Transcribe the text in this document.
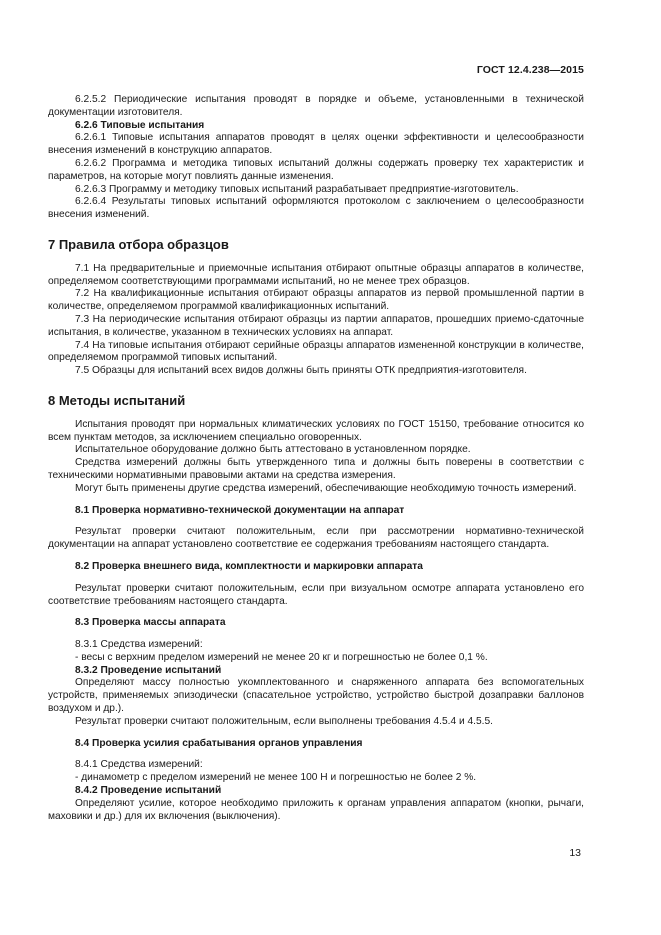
ГОСТ 12.4.238—2015

6.2.5.2 Периодические испытания проводят в порядке и объеме, установленными в технической документации изготовителя.

6.2.6 Типовые испытания

6.2.6.1 Типовые испытания аппаратов проводят в целях оценки эффективности и целесообразности внесения изменений в конструкцию аппаратов.

6.2.6.2 Программа и методика типовых испытаний должны содержать проверку тех характеристик и параметров, на которые могут повлиять данные изменения.

6.2.6.3 Программу и методику типовых испытаний разрабатывает предприятие-изготовитель.

6.2.6.4 Результаты типовых испытаний оформляются протоколом с заключением о целесообразности внесения изменений.

7 Правила отбора образцов

7.1 На предварительные и приемочные испытания отбирают опытные образцы аппаратов в количестве, определяемом соответствующими программами испытаний, но не менее трех образцов.

7.2 На квалификационные испытания отбирают образцы аппаратов из первой промышленной партии в количестве, определяемом программой квалификационных испытаний.

7.3 На периодические испытания отбирают образцы из партии аппаратов, прошедших приемо-сдаточные испытания, в количестве, указанном в технических условиях на аппарат.

7.4 На типовые испытания отбирают серийные образцы аппаратов измененной конструкции в количестве, определяемом программой типовых испытаний.

7.5 Образцы для испытаний всех видов должны быть приняты ОТК предприятия-изготовителя.

8 Методы испытаний

Испытания проводят при нормальных климатических условиях по ГОСТ 15150, требование относится ко всем пунктам методов, за исключением специально оговоренных.

Испытательное оборудование должно быть аттестовано в установленном порядке.

Средства измерений должны быть утвержденного типа и должны быть поверены в соответствии с техническими нормативными правовыми актами на средства измерения.

Могут быть применены другие средства измерений, обеспечивающие необходимую точность измерений.

8.1 Проверка нормативно-технической документации на аппарат

Результат проверки считают положительным, если при рассмотрении нормативно-технической документации на аппарат установлено соответствие ее содержания требованиям настоящего стандарта.

8.2 Проверка внешнего вида, комплектности и маркировки аппарата

Результат проверки считают положительным, если при визуальном осмотре аппарата установлено его соответствие требованиям настоящего стандарта.

8.3 Проверка массы аппарата

8.3.1 Средства измерений:

- весы с верхним пределом измерений не менее 20 кг и погрешностью не более 0,1 %.

8.3.2 Проведение испытаний

Определяют массу полностью укомплектованного и снаряженного аппарата без вспомогательных устройств, применяемых эпизодически (спасательное устройство, устройство быстрой дозаправки баллонов воздухом и др.).

Результат проверки считают положительным, если выполнены требования 4.5.4 и 4.5.5.

8.4 Проверка усилия срабатывания органов управления

8.4.1 Средства измерений:

- динамометр с пределом измерений не менее 100 Н и погрешностью не более 2 %.

8.4.2 Проведение испытаний

Определяют усилие, которое необходимо приложить к органам управления аппаратом (кнопки, рычаги, маховики и др.) для их включения (выключения).

13
